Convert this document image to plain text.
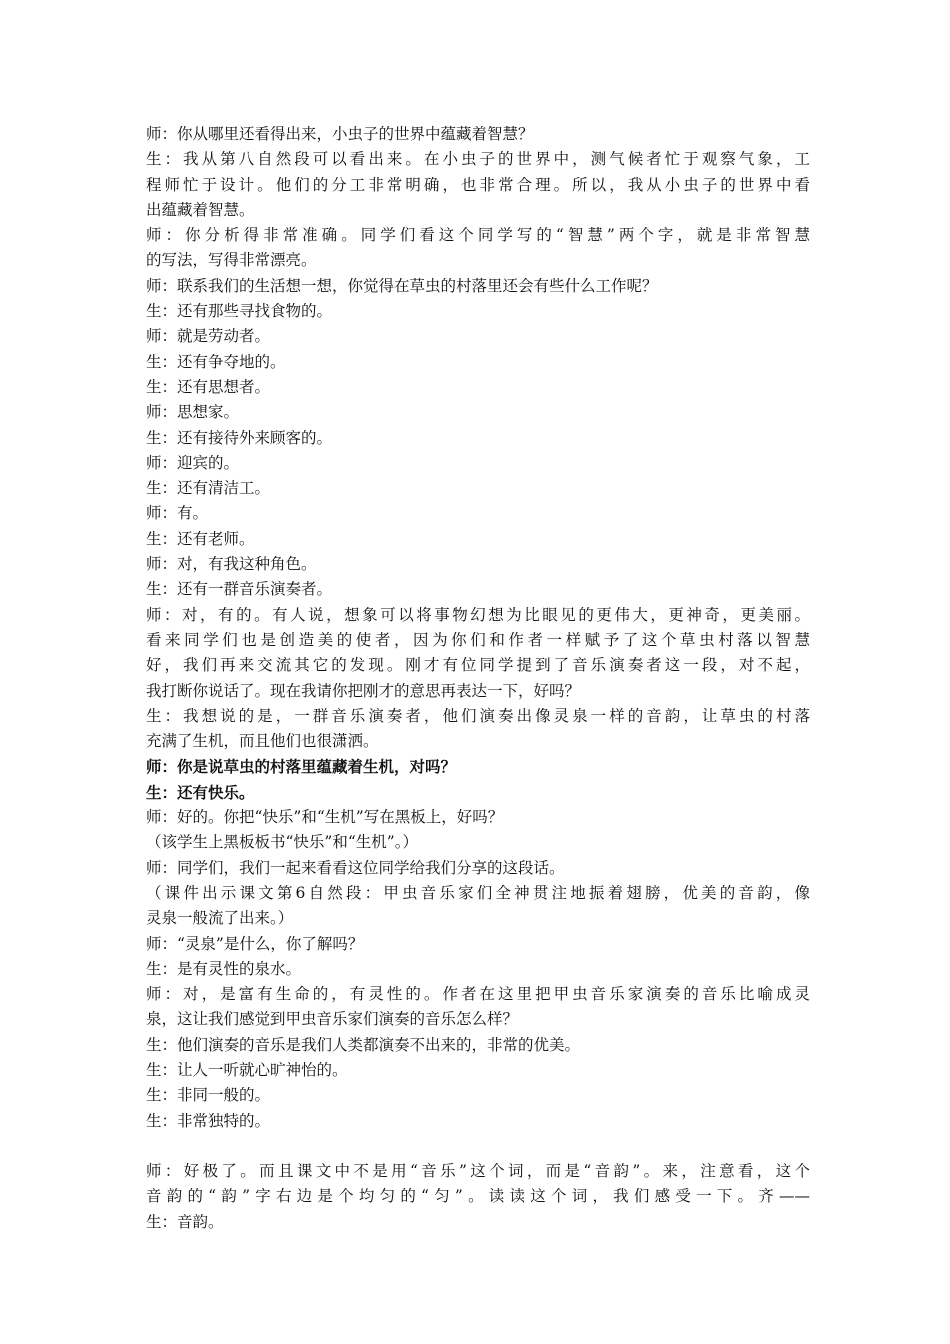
师：你从哪里还看得出来，小虫子的世界中蕴藏着智慧？
生：我从第八自然段可以看出来。在小虫子的世界中，测气候者忙于观察气象，工
程师忙于设计。他们的分工非常明确，也非常合理。所以，我从小虫子的世界中看
出蕴藏着智慧。
师：你分析得非常准确。同学们看这个同学写的“智慧”两个字，就是非常智慧
的写法，写得非常漂亮。
师：联系我们的生活想一想，你觉得在草虫的村落里还会有些什么工作呢？
生：还有那些寻找食物的。
师：就是劳动者。
生：还有争夺地的。
生：还有思想者。
师：思想家。
生：还有接待外来顾客的。
师：迎宾的。
生：还有清洁工。
师：有。
生：还有老师。
师：对，有我这种角色。
生：还有一群音乐演奏者。
师：对，有的。有人说，想象可以将事物幻想为比眼见的更伟大，更神奇，更美丽。
看来同学们也是创造美的使者，因为你们和作者一样赋予了这个草虫村落以智慧
好，我们再来交流其它的发现。刚才有位同学提到了音乐演奏者这一段，对不起，
我打断你说话了。现在我请你把刚才的意思再表达一下，好吗？
生：我想说的是，一群音乐演奏者，他们演奏出像灵泉一样的音韵，让草虫的村落
充满了生机，而且他们也很潇洒。
师：你是说草虫的村落里蕴藏着生机，对吗？
生：还有快乐。
师：好的。你把“快乐”和“生机”写在黑板上，好吗？
（该学生上黑板板书“快乐”和“生机”。）
师：同学们，我们一起来看看这位同学给我们分享的这段话。
（课件出示课文第6自然段：甲虫音乐家们全神贯注地振着翅膀，优美的音韵，像
灵泉一般流了出来。）
师：“灵泉”是什么，你了解吗？
生：是有灵性的泉水。
师：对，是富有生命的，有灵性的。作者在这里把甲虫音乐家演奏的音乐比喻成灵
泉，这让我们感觉到甲虫音乐家们演奏的音乐怎么样？
生：他们演奏的音乐是我们人类都演奏不出来的，非常的优美。
生：让人一听就心旷神怡的。
生：非同一般的。
生：非常独特的。
师：好极了。而且课文中不是用“音乐”这个词，而是“音韵”。来，注意看，这个
音韵的“韵”字右边是个均匀的“匀”。读读这个词，我们感受一下。齐——
生：音韵。
